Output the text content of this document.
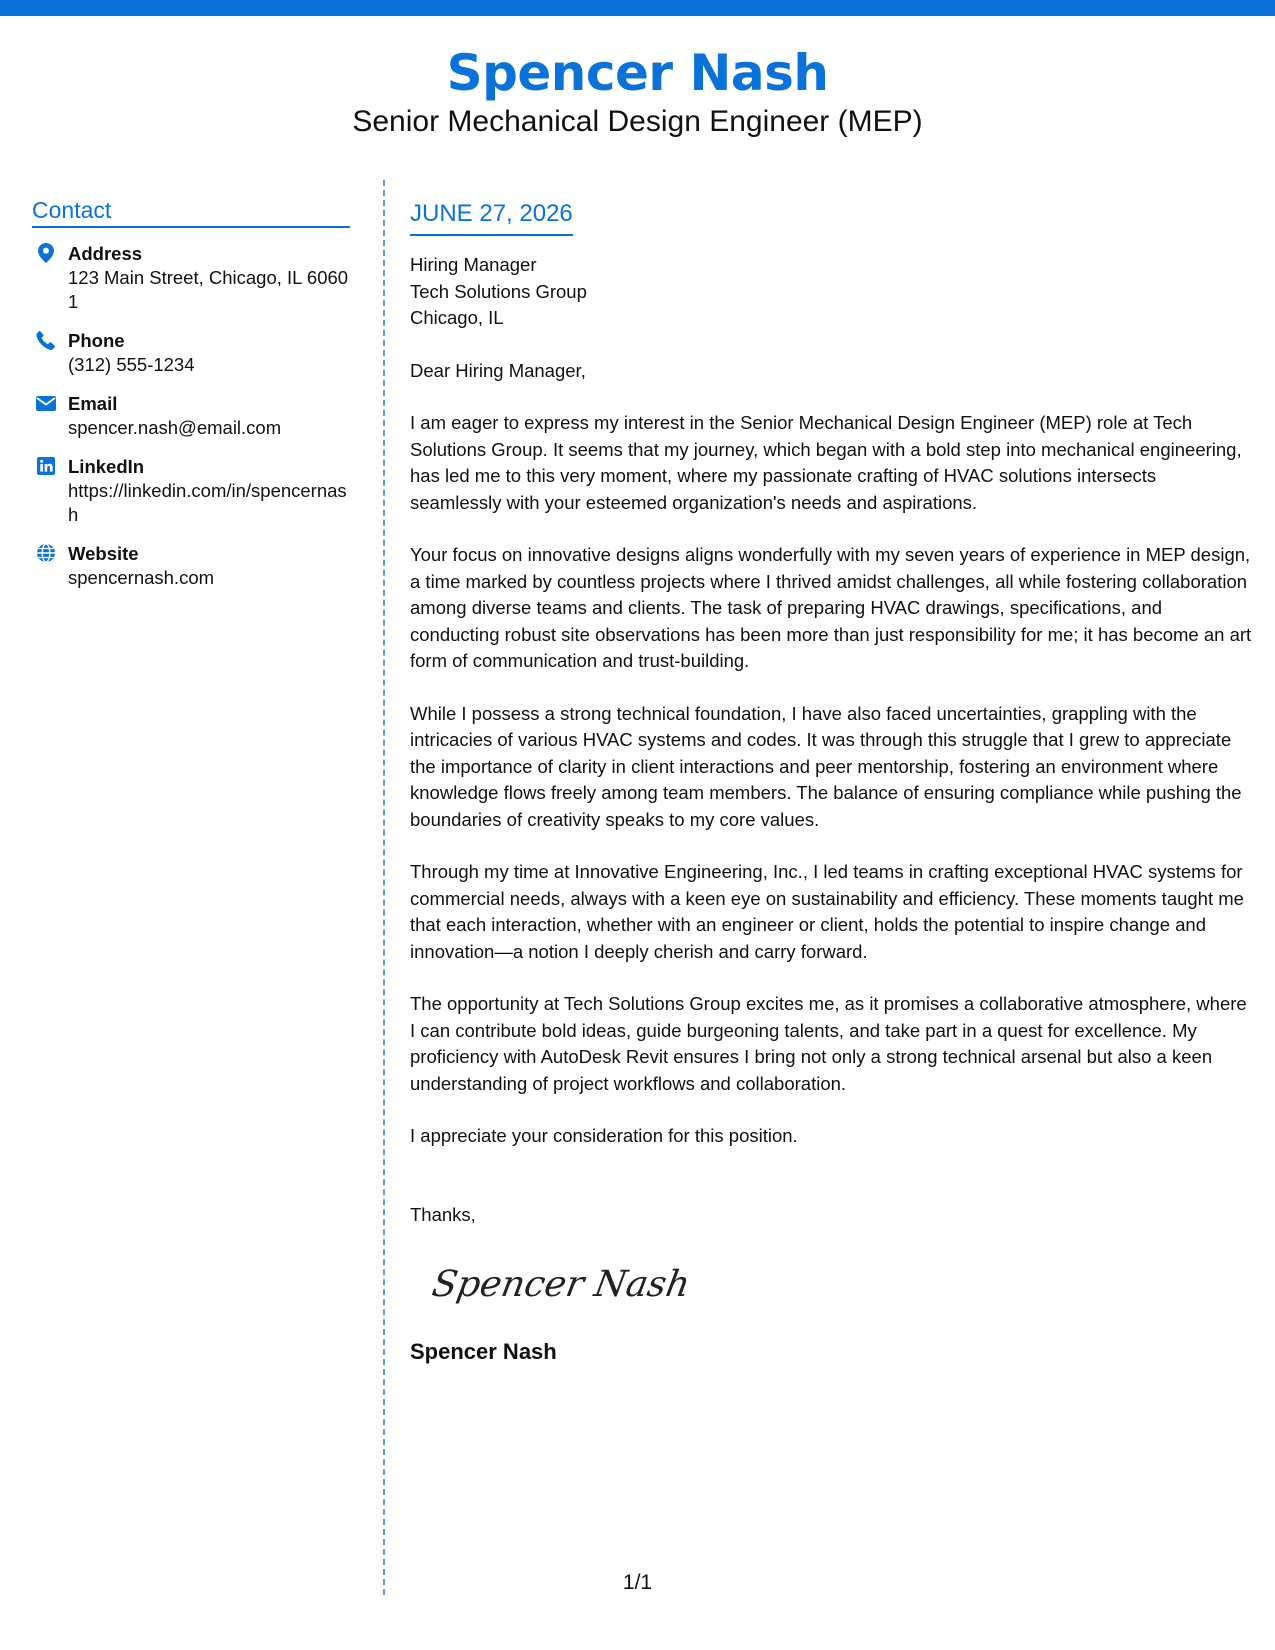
Spencer Nash
Senior Mechanical Design Engineer (MEP)
Contact
Address
123 Main Street, Chicago, IL 60601
Phone
(312) 555-1234
Email
spencer.nash@email.com
LinkedIn
https://linkedin.com/in/spencernash
Website
spencernash.com
JUNE 27, 2026
Hiring Manager
Tech Solutions Group
Chicago, IL
Dear Hiring Manager,
I am eager to express my interest in the Senior Mechanical Design Engineer (MEP) role at Tech Solutions Group. It seems that my journey, which began with a bold step into mechanical engineering, has led me to this very moment, where my passionate crafting of HVAC solutions intersects seamlessly with your esteemed organization's needs and aspirations.
Your focus on innovative designs aligns wonderfully with my seven years of experience in MEP design, a time marked by countless projects where I thrived amidst challenges, all while fostering collaboration among diverse teams and clients. The task of preparing HVAC drawings, specifications, and conducting robust site observations has been more than just responsibility for me; it has become an art form of communication and trust-building.
While I possess a strong technical foundation, I have also faced uncertainties, grappling with the intricacies of various HVAC systems and codes. It was through this struggle that I grew to appreciate the importance of clarity in client interactions and peer mentorship, fostering an environment where knowledge flows freely among team members. The balance of ensuring compliance while pushing the boundaries of creativity speaks to my core values.
Through my time at Innovative Engineering, Inc., I led teams in crafting exceptional HVAC systems for commercial needs, always with a keen eye on sustainability and efficiency. These moments taught me that each interaction, whether with an engineer or client, holds the potential to inspire change and innovation—a notion I deeply cherish and carry forward.
The opportunity at Tech Solutions Group excites me, as it promises a collaborative atmosphere, where I can contribute bold ideas, guide burgeoning talents, and take part in a quest for excellence. My proficiency with AutoDesk Revit ensures I bring not only a strong technical arsenal but also a keen understanding of project workflows and collaboration.
I appreciate your consideration for this position.
Thanks,
Spencer Nash
Spencer Nash
1/1
